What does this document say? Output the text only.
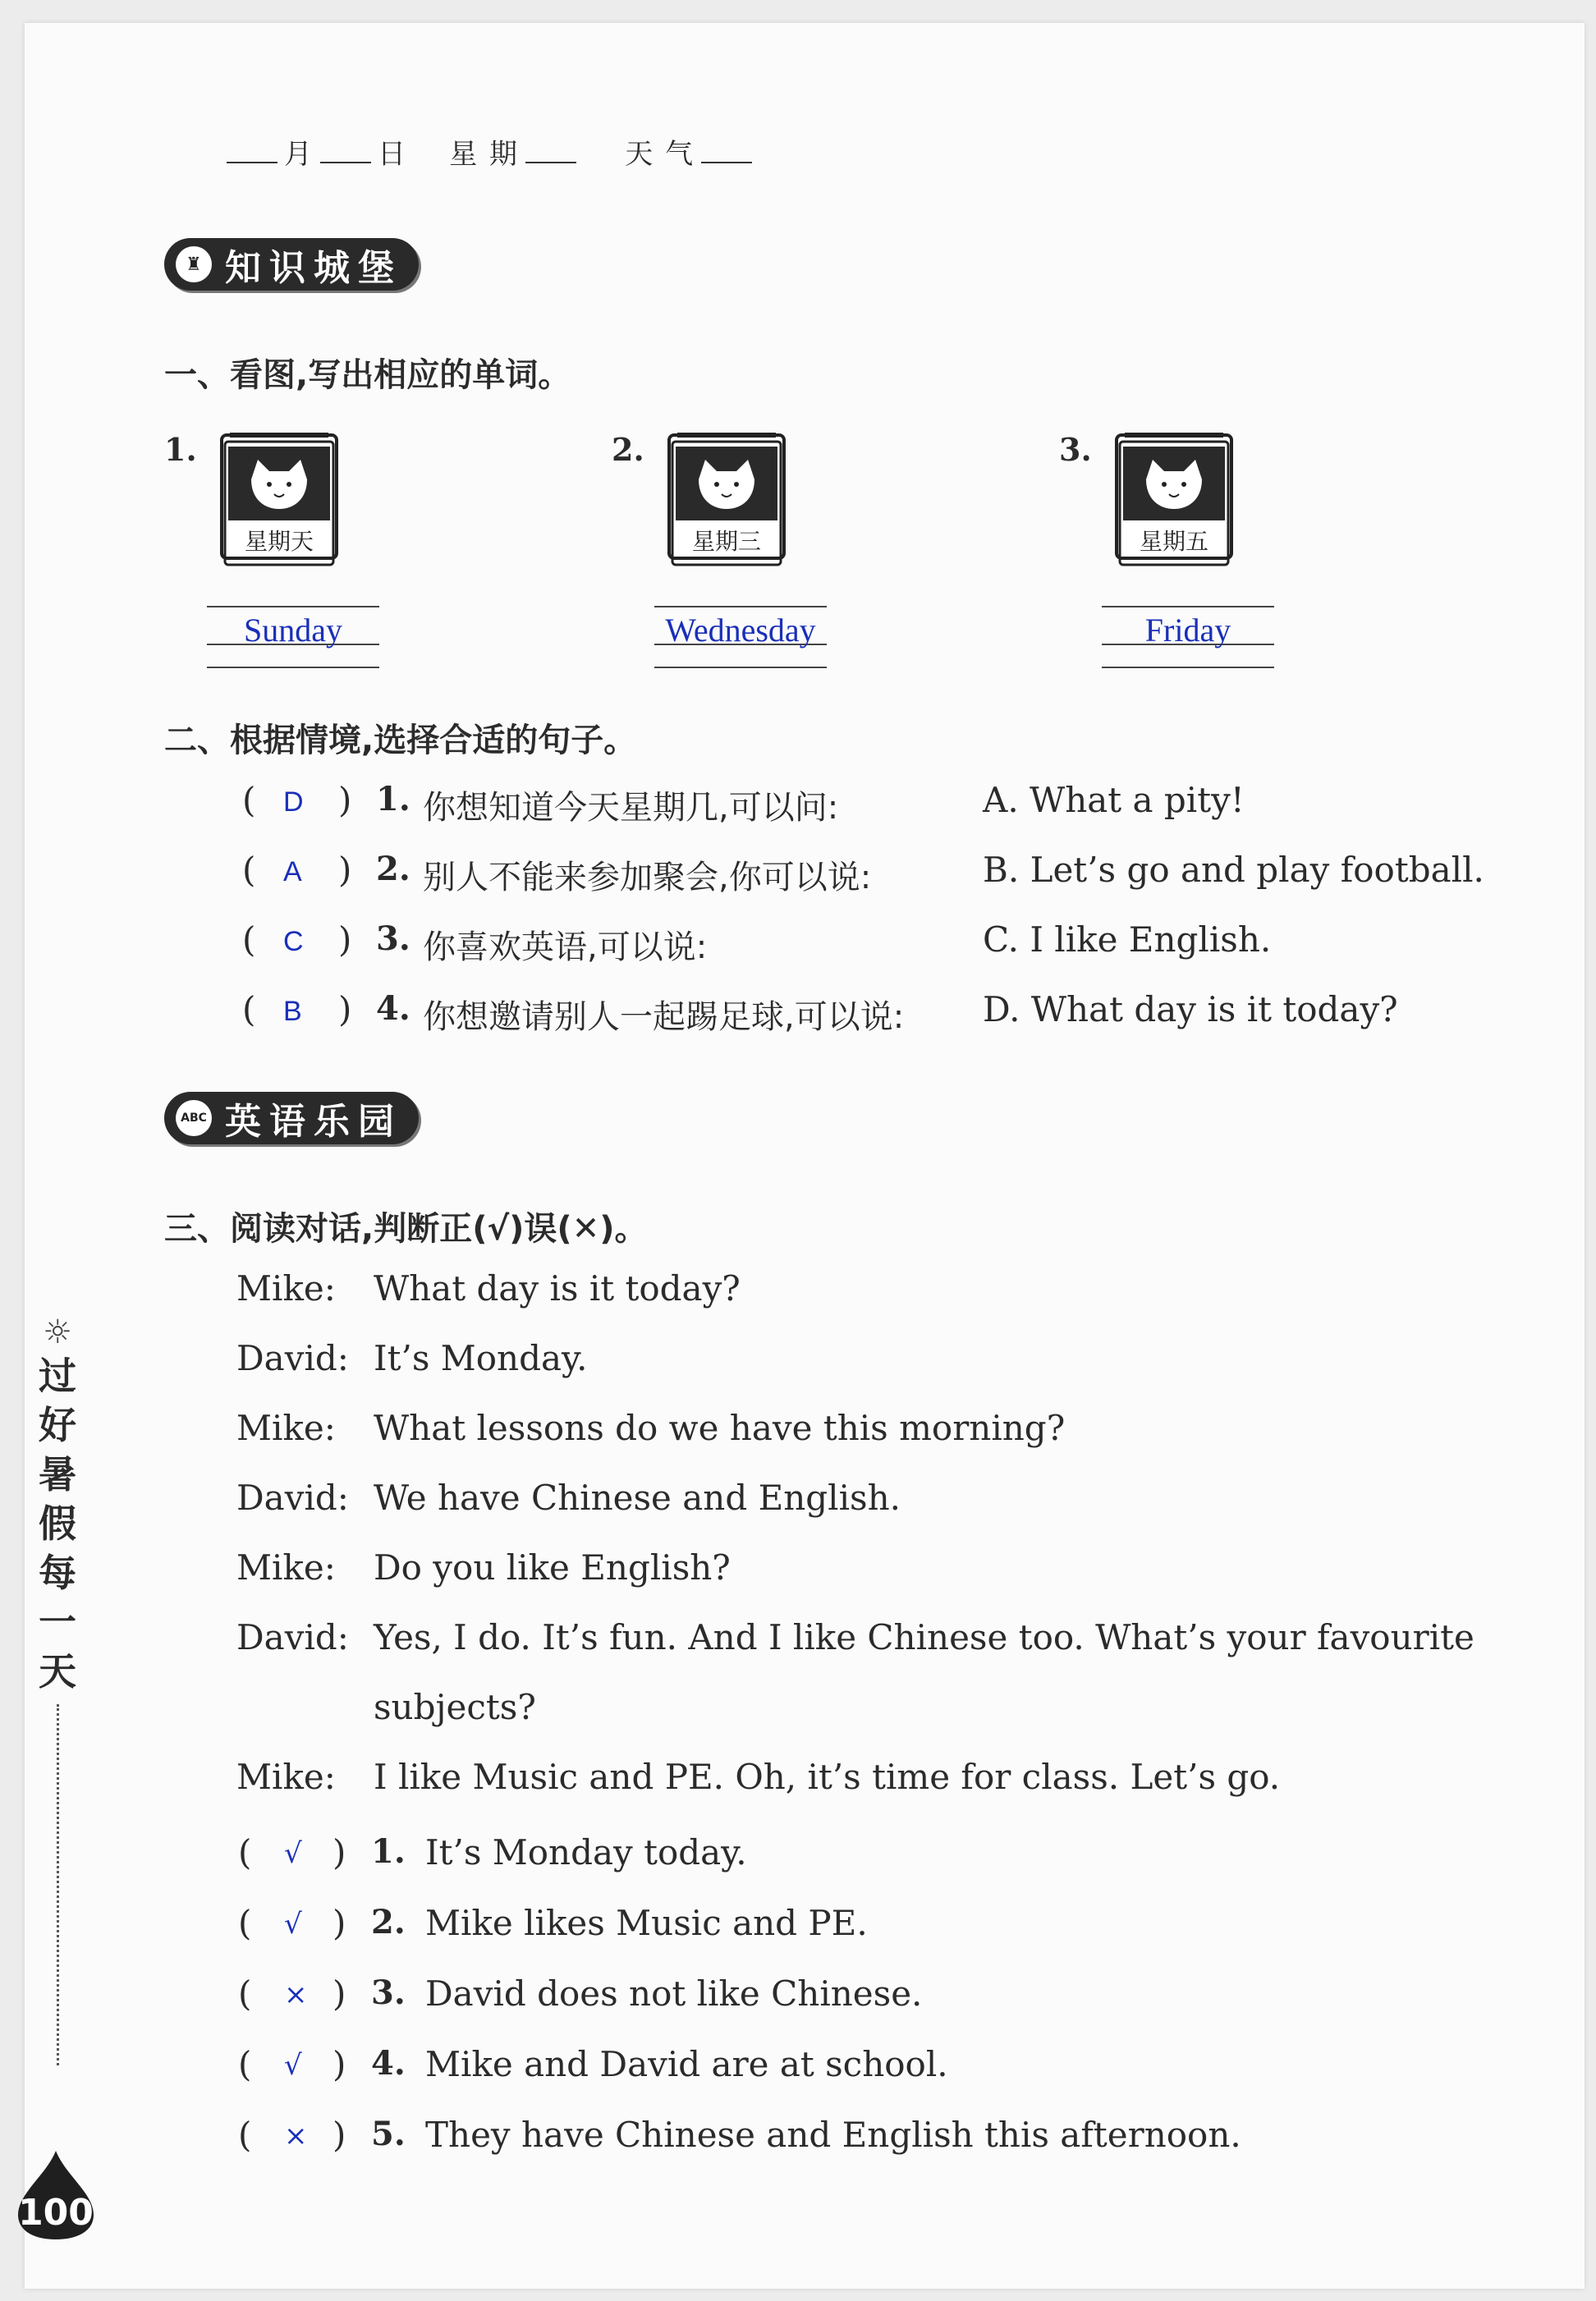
月 日 星 期	天 气
♜ 知识城堡
一、看图,写出相应的单词。
1.
星期天
Sunday
2.
星期三
Wednesday
3.
星期五
Friday
二、根据情境,选择合适的句子。
( D ) 1. 你想知道今天星期几,可以问:	A. What a pity!
( A ) 2. 别人不能来参加聚会,你可以说:	B. Let’s go and play football.
( C ) 3. 你喜欢英语,可以说:	C. I like English.
( B ) 4. 你想邀请别人一起踢足球,可以说: D. What day is it today?
ABC 英语乐园
三、阅读对话,判断正(√)误(✕)。
Mike: What day is it today?
David: It’s Monday.
Mike: What lessons do we have this morning?
David: We have Chinese and English.
Mike: Do you like English?
David: Yes, I do. It’s fun. And I like Chinese too. What’s your favourite
subjects?
Mike: I like Music and PE. Oh, it’s time for class. Let’s go.
( √ ) 1. It’s Monday today.
( √ ) 2. Mike likes Music and PE.
( × ) 3. David does not like Chinese.
( √ ) 4. Mike and David are at school.
( × ) 5. They have Chinese and English this afternoon.
☼
过
好
暑
假
每
一
天
100
